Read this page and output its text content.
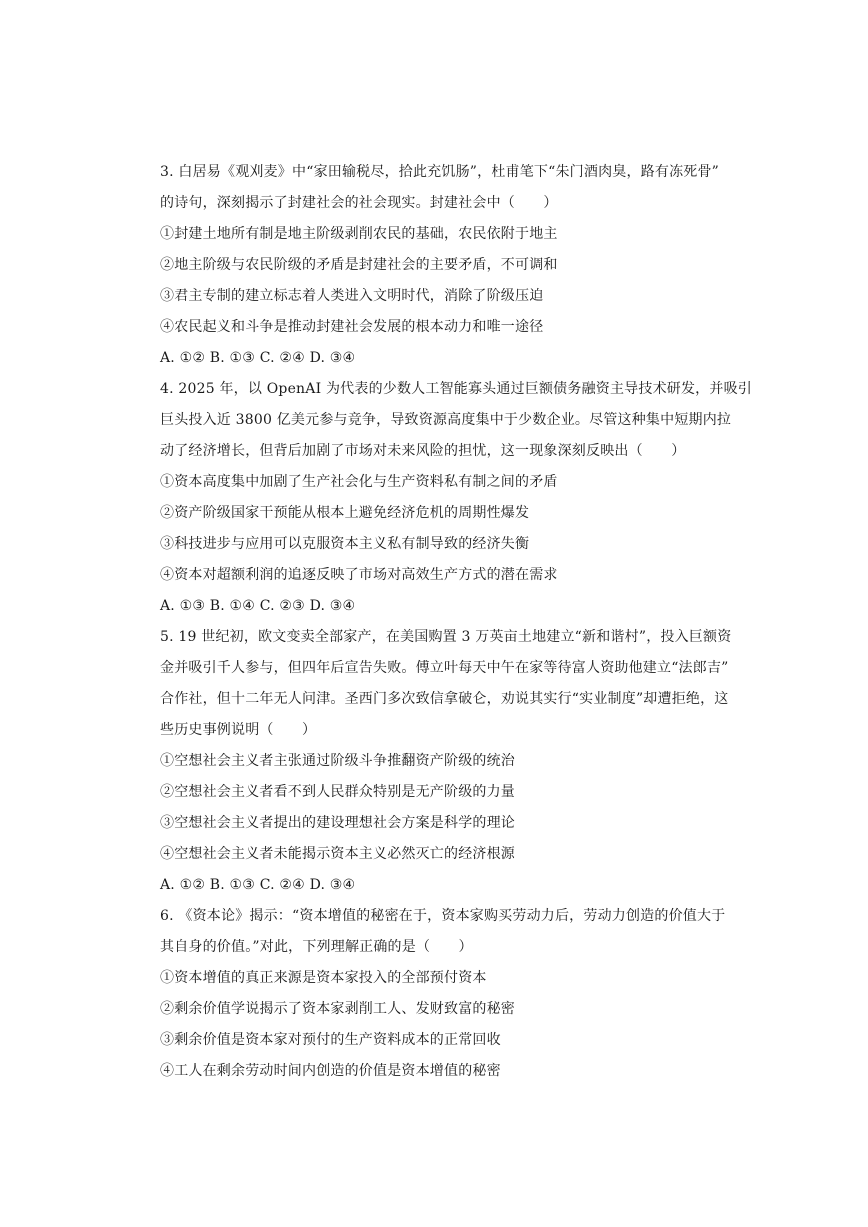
3. 白居易《观刈麦》中“家田输税尽，拾此充饥肠”，杜甫笔下“朱门酒肉臭，路有冻死骨”
的诗句，深刻揭示了封建社会的社会现实。封建社会中（　　）
①封建土地所有制是地主阶级剥削农民的基础，农民依附于地主
②地主阶级与农民阶级的矛盾是封建社会的主要矛盾，不可调和
③君主专制的建立标志着人类进入文明时代，消除了阶级压迫
④农民起义和斗争是推动封建社会发展的根本动力和唯一途径
A. ①② B. ①③ C. ②④ D. ③④
4. 2025 年，以 OpenAI 为代表的少数人工智能寡头通过巨额债务融资主导技术研发，并吸引
巨头投入近 3800 亿美元参与竞争，导致资源高度集中于少数企业。尽管这种集中短期内拉
动了经济增长，但背后加剧了市场对未来风险的担忧，这一现象深刻反映出（　　）
①资本高度集中加剧了生产社会化与生产资料私有制之间的矛盾
②资产阶级国家干预能从根本上避免经济危机的周期性爆发
③科技进步与应用可以克服资本主义私有制导致的经济失衡
④资本对超额利润的追逐反映了市场对高效生产方式的潜在需求
A. ①③ B. ①④ C. ②③ D. ③④
5. 19 世纪初，欧文变卖全部家产，在美国购置 3 万英亩土地建立“新和谐村”，投入巨额资
金并吸引千人参与，但四年后宣告失败。傅立叶每天中午在家等待富人资助他建立“法郎吉”
合作社，但十二年无人问津。圣西门多次致信拿破仑，劝说其实行“实业制度”却遭拒绝，这
些历史事例说明（　　）
①空想社会主义者主张通过阶级斗争推翻资产阶级的统治
②空想社会主义者看不到人民群众特别是无产阶级的力量
③空想社会主义者提出的建设理想社会方案是科学的理论
④空想社会主义者未能揭示资本主义必然灭亡的经济根源
A. ①② B. ①③ C. ②④ D. ③④
6. 《资本论》揭示：“资本增值的秘密在于，资本家购买劳动力后，劳动力创造的价值大于
其自身的价值。”对此，下列理解正确的是（　　）
①资本增值的真正来源是资本家投入的全部预付资本
②剩余价值学说揭示了资本家剥削工人、发财致富的秘密
③剩余价值是资本家对预付的生产资料成本的正常回收
④工人在剩余劳动时间内创造的价值是资本增值的秘密
